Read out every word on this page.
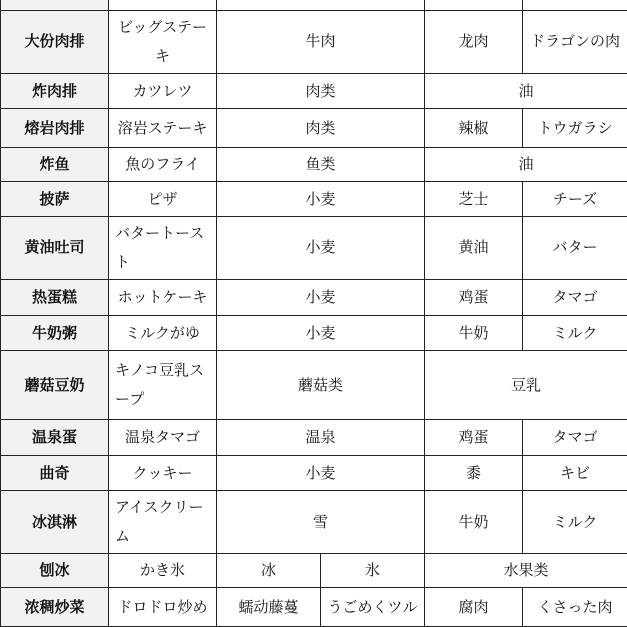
大份肉排	ビッグステーキ	牛肉		龙肉	ドラゴンの肉
炸肉排	カツレツ	肉类		油	
熔岩肉排	溶岩ステーキ	肉类		辣椒	トウガラシ
炸鱼	魚のフライ	鱼类		油	
披萨	ピザ	小麦		芝士	チーズ
黄油吐司	バタートースト	小麦		黄油	バター
热蛋糕	ホットケーキ	小麦		鸡蛋	タマゴ
牛奶粥	ミルクがゆ	小麦		牛奶	ミルク
蘑菇豆奶	キノコ豆乳スープ	蘑菇类		豆乳	
温泉蛋	温泉タマゴ	温泉		鸡蛋	タマゴ
曲奇	クッキー	小麦		黍	キビ
冰淇淋	アイスクリーム	雪		牛奶	ミルク
刨冰	かき氷	冰	氷	水果类	
浓稠炒菜	ドロドロ炒め	蠕动藤蔓	うごめくツル	腐肉	くさった肉
